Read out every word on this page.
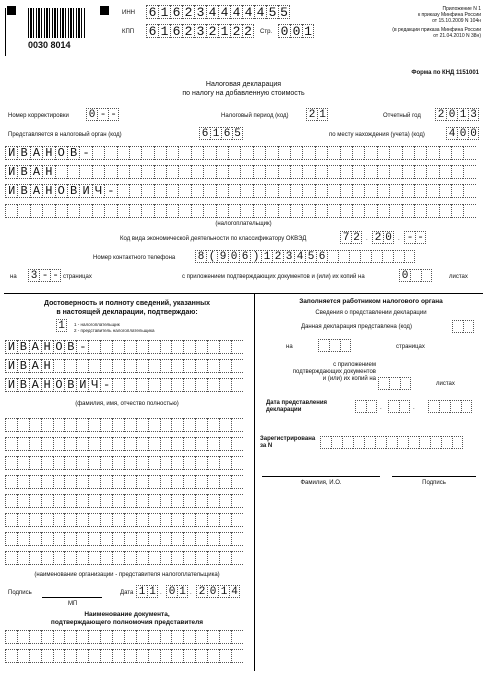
0030 8014
ИНН 6 1 6 2 3 4 4 4 4 4 5 5
КПП 6 1 6 2 3 2 1 2 2	Стр. 0 0 1
Приложение N 1
к приказу Минфина России
от 15.10.2009 N 104н
(в редакции приказа Минфина России
от 21.04.2010 N 38н)
Форма по КНД 1151001
Налоговая декларация
по налогу на добавленную стоимость
Номер корректировки 0 - -	Налоговый период (код) 2 1	Отчетный год 2 0 1 3
Представляется в налоговый орган (код)	6 1 6 5	по месту нахождения (учета) (код) 4 0 0
И В А Н О В -
И В А Н
И В А Н О В И Ч -
(налогоплательщик)
Код вида экономической деятельности по классификатору ОКВЭД	7 2	. 2 0	. - -
Номер контактного телефона 8 ( 9 0 6 ) 1 2 3 4 5 6
на 3 - - страницах	с приложением подтверждающих документов и (или) их копий на	0	листах
Достоверность и полноту сведений, указанных
в настоящей декларации, подтверждаю:
1	1 - налогоплательщик
2 - представитель налогоплательщика
И В А Н О В -
И В А Н
И В А Н О В И Ч -
(фамилия, имя, отчество полностью)
(наименование организации - представителя налогоплательщика)
Подпись	Дата 1 1 . 0 1 . 2 0 1 4
МП
Наименование документа,
подтверждающего полномочия представителя
Заполняется работником налогового органа
Сведения о представлении декларации
Данная декларация представлена (код)
на	страницах
с приложением
подтверждающих документов
и (или) их копий на
листах
Дата представления
декларации	.	.
Зарегистрирована
за N
Фамилия, И.О.	Подпись
